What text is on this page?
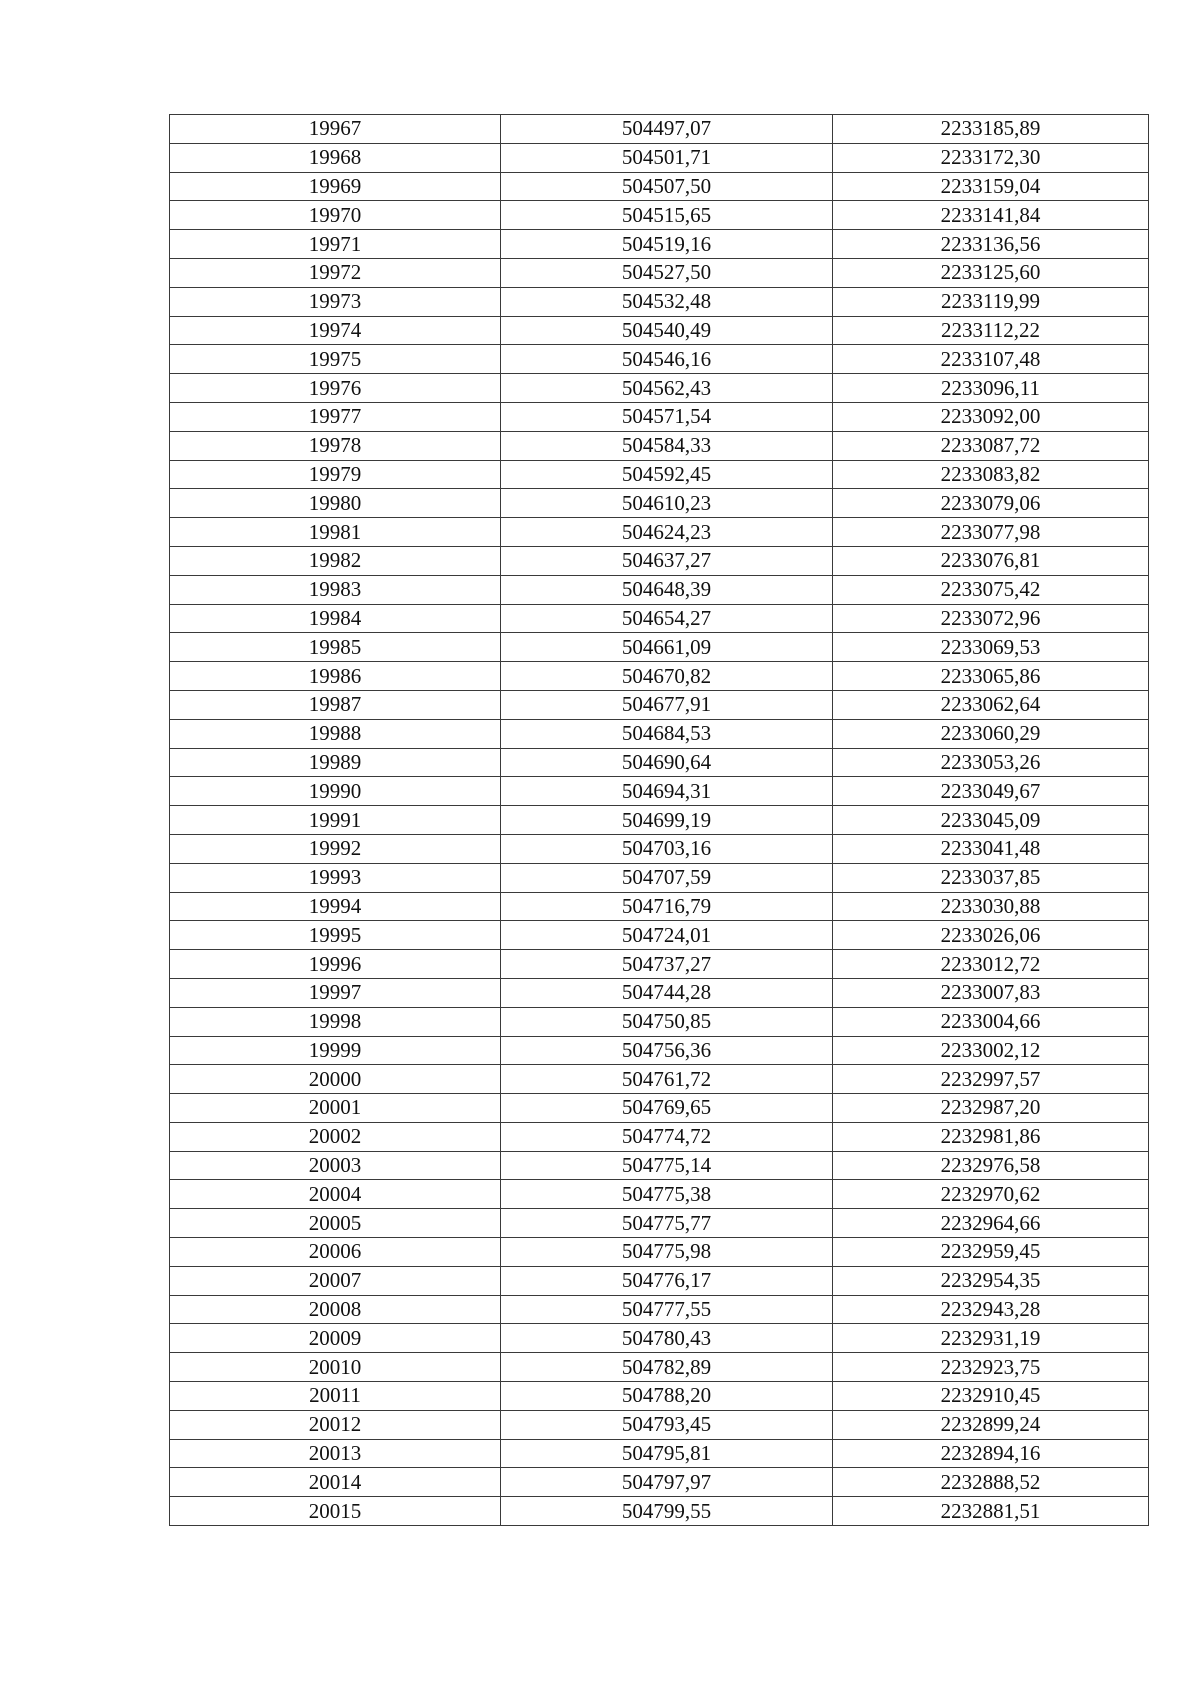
19967	504497,07	2233185,89
19968	504501,71	2233172,30
19969	504507,50	2233159,04
19970	504515,65	2233141,84
19971	504519,16	2233136,56
19972	504527,50	2233125,60
19973	504532,48	2233119,99
19974	504540,49	2233112,22
19975	504546,16	2233107,48
19976	504562,43	2233096,11
19977	504571,54	2233092,00
19978	504584,33	2233087,72
19979	504592,45	2233083,82
19980	504610,23	2233079,06
19981	504624,23	2233077,98
19982	504637,27	2233076,81
19983	504648,39	2233075,42
19984	504654,27	2233072,96
19985	504661,09	2233069,53
19986	504670,82	2233065,86
19987	504677,91	2233062,64
19988	504684,53	2233060,29
19989	504690,64	2233053,26
19990	504694,31	2233049,67
19991	504699,19	2233045,09
19992	504703,16	2233041,48
19993	504707,59	2233037,85
19994	504716,79	2233030,88
19995	504724,01	2233026,06
19996	504737,27	2233012,72
19997	504744,28	2233007,83
19998	504750,85	2233004,66
19999	504756,36	2233002,12
20000	504761,72	2232997,57
20001	504769,65	2232987,20
20002	504774,72	2232981,86
20003	504775,14	2232976,58
20004	504775,38	2232970,62
20005	504775,77	2232964,66
20006	504775,98	2232959,45
20007	504776,17	2232954,35
20008	504777,55	2232943,28
20009	504780,43	2232931,19
20010	504782,89	2232923,75
20011	504788,20	2232910,45
20012	504793,45	2232899,24
20013	504795,81	2232894,16
20014	504797,97	2232888,52
20015	504799,55	2232881,51
